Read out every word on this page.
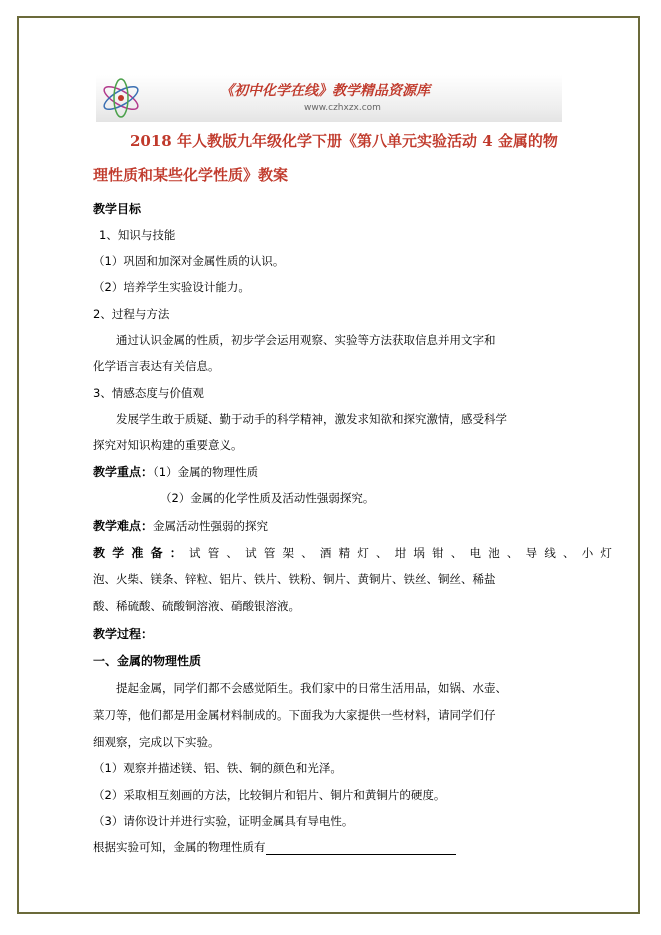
《初中化学在线》教学精品资源库
www.czhxzx.com
2018 年人教版九年级化学下册《第八单元实验活动 4 金属的物
理性质和某些化学性质》教案
教学目标
1、知识与技能
（1）巩固和加深对金属性质的认识。
（2）培养学生实验设计能力。
2、过程与方法
通过认识金属的性质，初步学会运用观察、实验等方法获取信息并用文字和
化学语言表达有关信息。
3、情感态度与价值观
发展学生敢于质疑、勤于动手的科学精神，激发求知欲和探究激情，感受科学
探究对知识构建的重要意义。
教学重点：（1）金属的物理性质
（2）金属的化学性质及活动性强弱探究。
教学难点：金属活动性强弱的探究
教学准备：试管、试管架、酒精灯、坩埚钳、电池、导线、小灯
泡、火柴、镁条、锌粒、铝片、铁片、铁粉、铜片、黄铜片、铁丝、铜丝、稀盐
酸、稀硫酸、硫酸铜溶液、硝酸银溶液。
教学过程：
一、金属的物理性质
提起金属，同学们都不会感觉陌生。我们家中的日常生活用品，如锅、水壶、
菜刀等，他们都是用金属材料制成的。下面我为大家提供一些材料，请同学们仔
细观察，完成以下实验。
（1）观察并描述镁、铝、铁、铜的颜色和光泽。
（2）采取相互刻画的方法，比较铜片和铝片、铜片和黄铜片的硬度。
（3）请你设计并进行实验，证明金属具有导电性。
根据实验可知，金属的物理性质有
